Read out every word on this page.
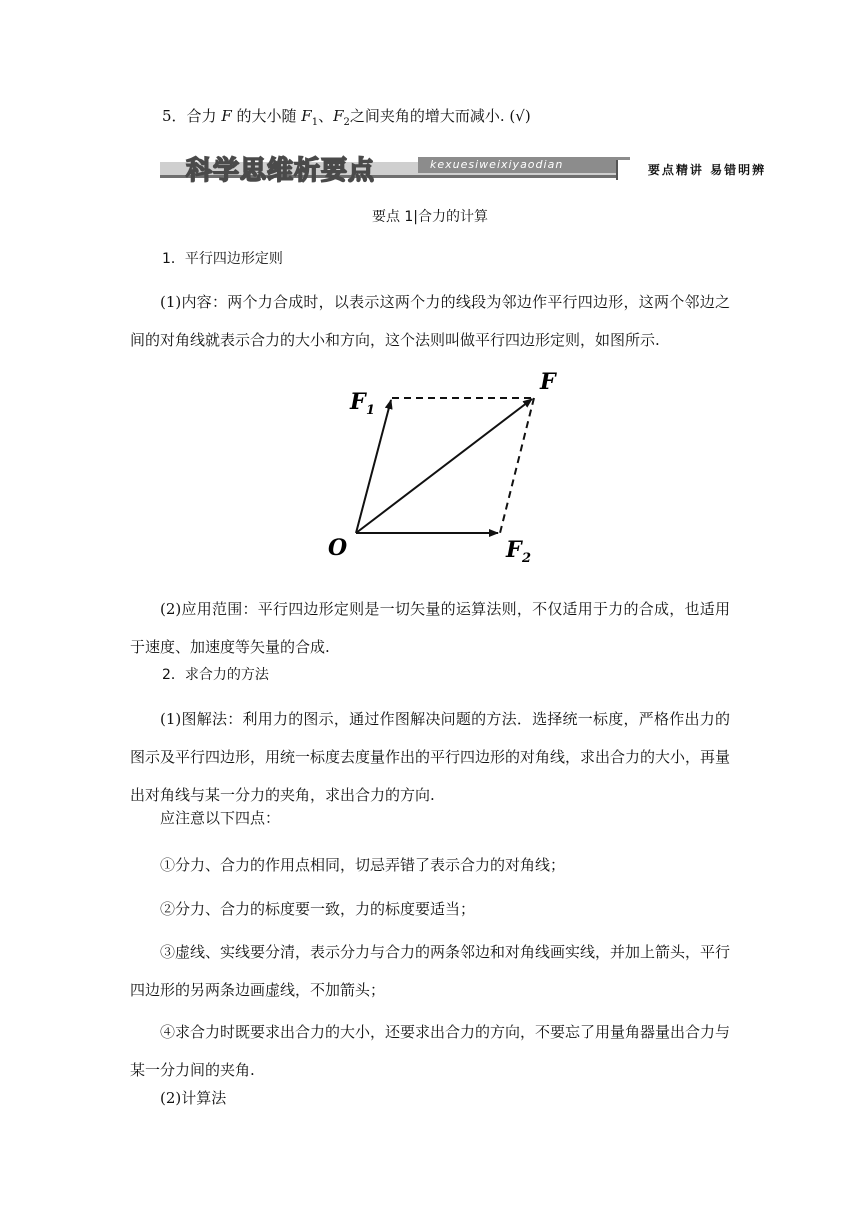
5．合力 F 的大小随 $F_1$、$F_2$之间夹角的增大而减小. (√)
科学思维析要点	kexuesiweixiyaodian	要点精讲 易错明辨
要点 1|合力的计算
1．平行四边形定则
(1)内容：两个力合成时，以表示这两个力的线段为邻边作平行四边形，这两个邻边之间的对角线就表示合力的大小和方向，这个法则叫做平行四边形定则，如图所示.
O
F
F 1
F 2
(2)应用范围：平行四边形定则是一切矢量的运算法则，不仅适用于力的合成，也适用于速度、加速度等矢量的合成.
2．求合力的方法
(1)图解法：利用力的图示，通过作图解决问题的方法．选择统一标度，严格作出力的图示及平行四边形，用统一标度去度量作出的平行四边形的对角线，求出合力的大小，再量出对角线与某一分力的夹角，求出合力的方向.
应注意以下四点：
①分力、合力的作用点相同，切忌弄错了表示合力的对角线；
②分力、合力的标度要一致，力的标度要适当；
③虚线、实线要分清，表示分力与合力的两条邻边和对角线画实线，并加上箭头，平行四边形的另两条边画虚线，不加箭头；
④求合力时既要求出合力的大小，还要求出合力的方向，不要忘了用量角器量出合力与某一分力间的夹角.
(2)计算法
